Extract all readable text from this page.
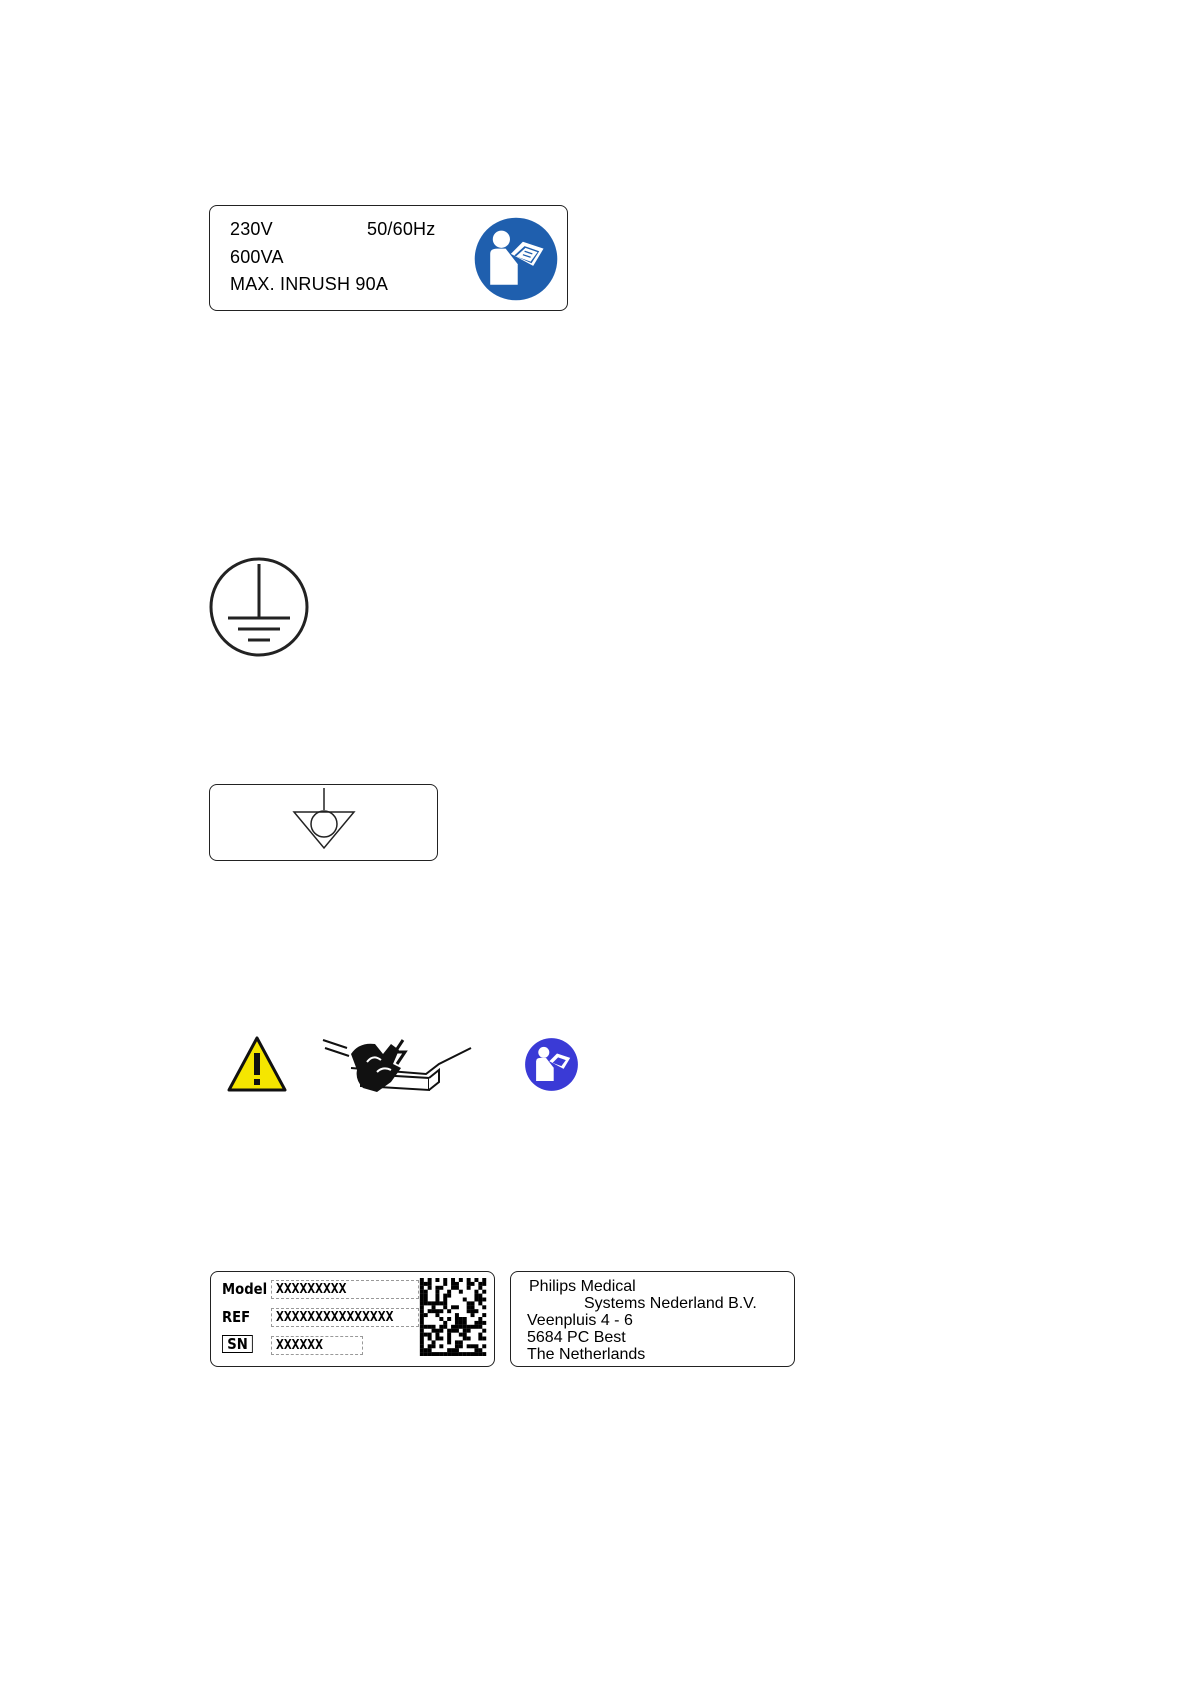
230V	50/60Hz
600VA
MAX. INRUSH 90A
Model XXXXXXXXX
REF	XXXXXXXXXXXXXXX
SN	XXXXXX
Philips Medical
Systems Nederland B.V.
Veenpluis 4 - 6
5684 PC Best
The Netherlands
